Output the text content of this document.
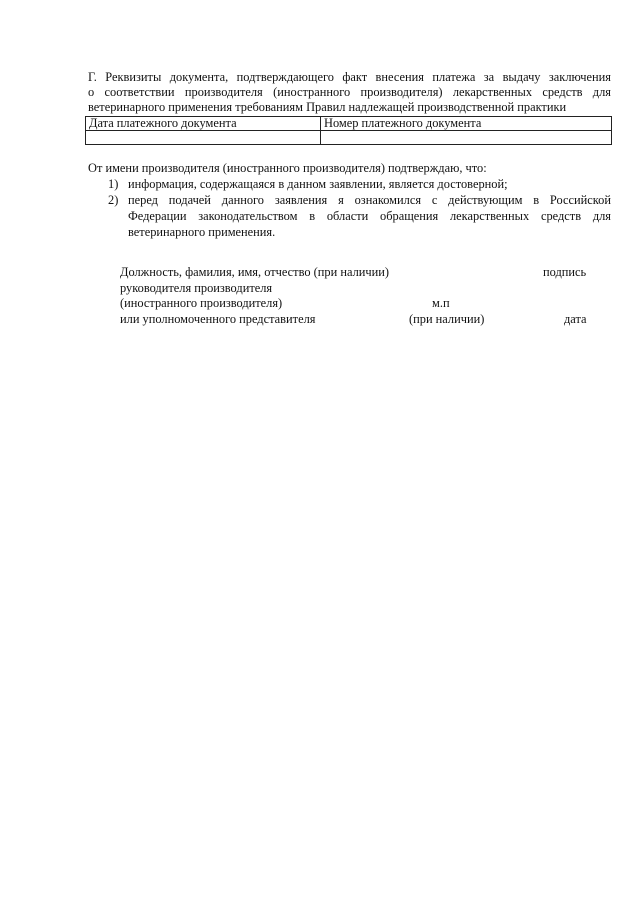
Г. Реквизиты документа, подтверждающего факт внесения платежа за выдачу заключения
о соответствии производителя (иностранного производителя) лекарственных средств для
ветеринарного применения требованиям Правил надлежащей производственной практики
Дата платежного документа	Номер платежного документа

От имени производителя (иностранного производителя) подтверждаю, что:
1) информация, содержащаяся в данном заявлении, является достоверной;
2) перед подачей данного заявления я ознакомился с действующим в Российской
Федерации законодательством в области обращения лекарственных средств для
ветеринарного применения.
Должность, фамилия, имя, отчество (при наличии)
руководителя производителя
(иностранного производителя)
или уполномоченного представителя
подпись
м.п
(при наличии)	дата
